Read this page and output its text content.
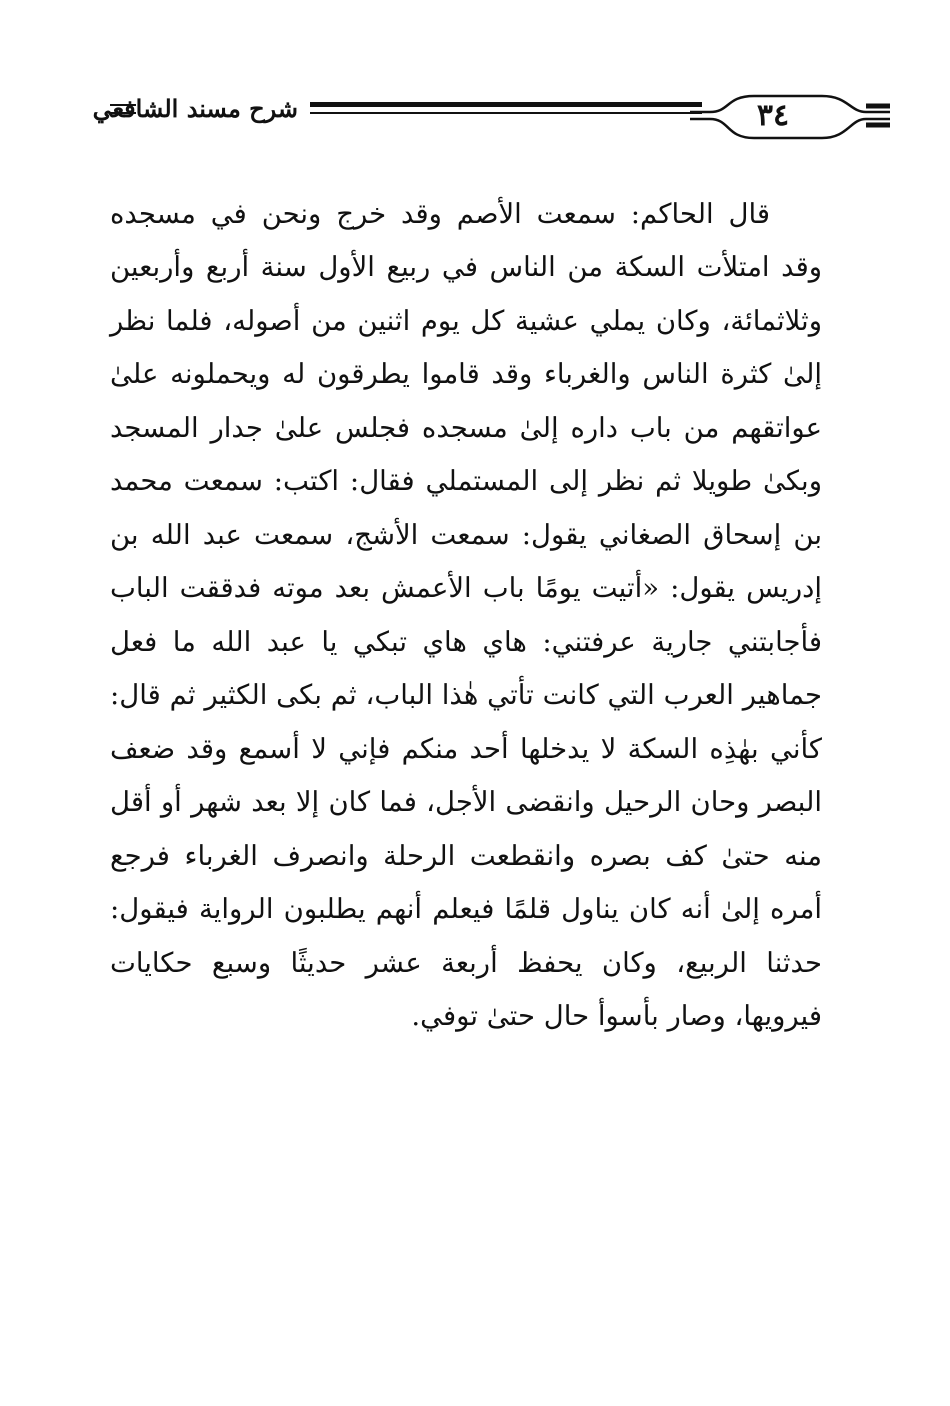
شرح مسند الشافعي	٣٤

قال الحاكم: سمعت الأصم وقد خرج ونحن في مسجده وقد امتلأت السكة من الناس في ربيع الأول سنة أربع وأربعين وثلاثمائة، وكان يملي عشية كل يوم اثنين من أصوله، فلما نظر إلىٰ كثرة الناس والغرباء وقد قاموا يطرقون له ويحملونه علىٰ عواتقهم من باب داره إلىٰ مسجده فجلس علىٰ جدار المسجد وبكىٰ طويلا ثم نظر إلى المستملي فقال: اكتب: سمعت محمد بن إسحاق الصغاني يقول: سمعت الأشج، سمعت عبد الله بن إدريس يقول: «أتيت يومًا باب الأعمش بعد موته فدققت الباب فأجابتني جارية عرفتني: هاي هاي تبكي يا عبد الله ما فعل جماهير العرب التي كانت تأتي هٰذا الباب، ثم بكى الكثير ثم قال: كأني بهٰذِه السكة لا يدخلها أحد منكم فإني لا أسمع وقد ضعف البصر وحان الرحيل وانقضى الأجل، فما كان إلا بعد شهر أو أقل منه حتىٰ كف بصره وانقطعت الرحلة وانصرف الغرباء فرجع أمره إلىٰ أنه كان يناول قلمًا فيعلم أنهم يطلبون الرواية فيقول: حدثنا الربيع، وكان يحفظ أربعة عشر حديثًا وسبع حكايات فيرويها، وصار بأسوأ حال حتىٰ توفي.
